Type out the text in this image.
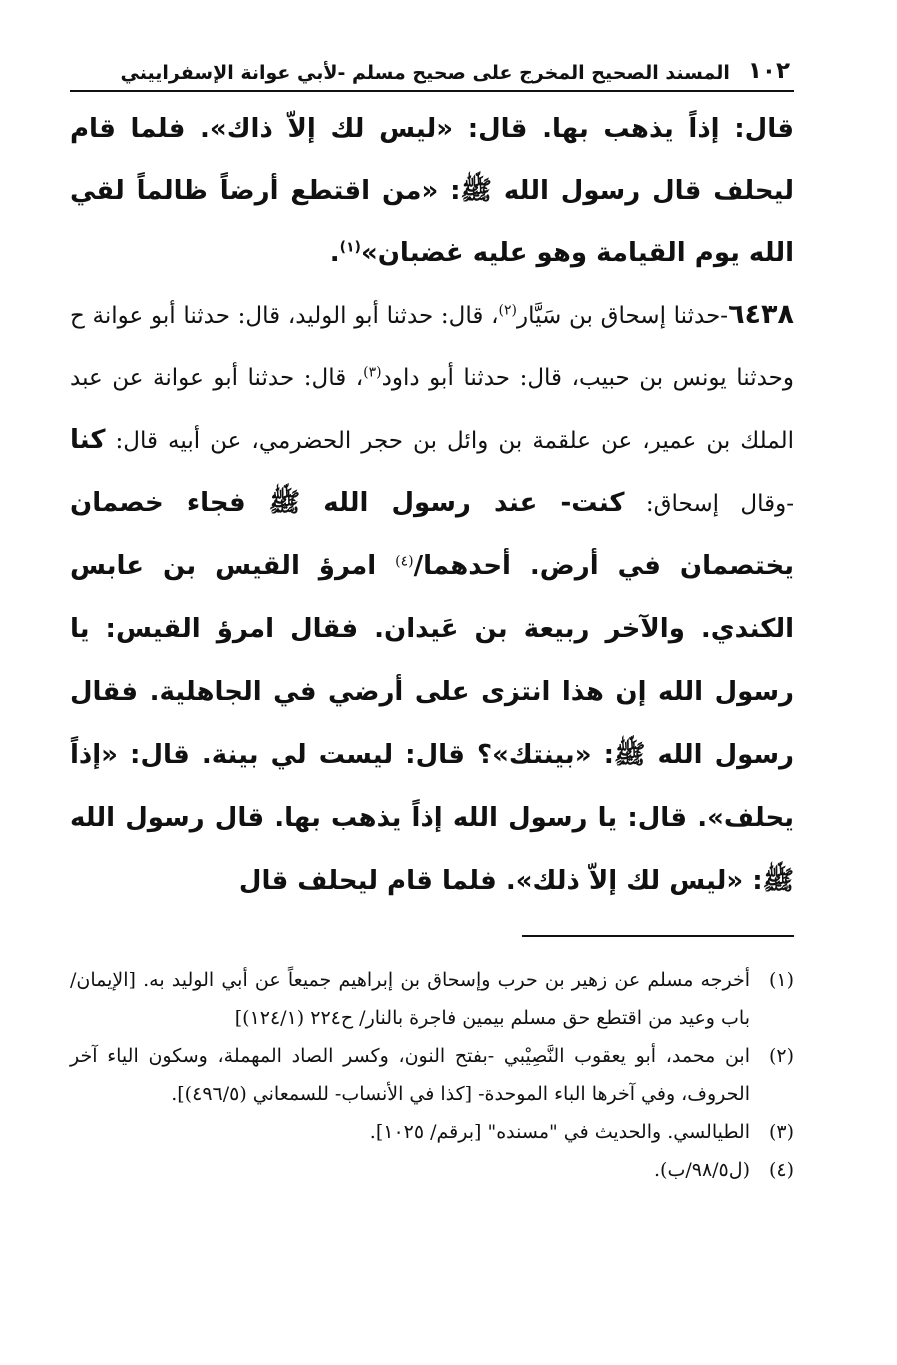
١٠٢
المسند الصحيح المخرج على صحيح مسلم -لأبي عوانة الإسفراييني

قال: إذاً يذهب بها. قال: «ليس لك إلاّ ذاك». فلما قام ليحلف قال رسول الله ﷺ: «من اقتطع أرضاً ظالماً لقي الله يوم القيامة وهو عليه غضبان»$^{(١)}$.

٦٤٣٨-حدثنا إسحاق بن سَيَّار$^{(٢)}$، قال: حدثنا أبو الوليد، قال: حدثنا أبو عوانة ح وحدثنا يونس بن حبيب، قال: حدثنا أبو داود$^{(٣)}$، قال: حدثنا أبو عوانة عن عبد الملك بن عمير، عن علقمة بن وائل بن حجر الحضرمي، عن أبيه قال: كنا -وقال إسحاق: كنت- عند رسول الله ﷺ فجاء خصمان يختصمان في أرض. أحدهما/$^{(٤)}$ امرؤ القيس بن عابس الكندي. والآخر ربيعة بن عَيدان. فقال امرؤ القيس: يا رسول الله إن هذا انتزى على أرضي في الجاهلية. فقال رسول الله ﷺ: «بينتك»؟ قال: ليست لي بينة. قال: «إذاً يحلف». قال: يا رسول الله إذاً يذهب بها. قال رسول الله ﷺ: «ليس لك إلاّ ذلك». فلما قام ليحلف قال

(١)
أخرجه مسلم عن زهير بن حرب وإسحاق بن إبراهيم جميعاً عن أبي الوليد به. [الإيمان/ باب وعيد من اقتطع حق مسلم بيمين فاجرة بالنار/ ح٢٢٤ (١٢٤/١)]
(٢)
ابن محمد، أبو يعقوب النَّصِيْبي -بفتح النون، وكسر الصاد المهملة، وسكون الياء آخر الحروف، وفي آخرها الباء الموحدة- [كذا في الأنساب- للسمعاني (٤٩٦/٥)].
(٣)
الطيالسي. والحديث في "مسنده" [برقم/ ١٠٢٥].
(٤)
(ل٩٨/٥/ب).
